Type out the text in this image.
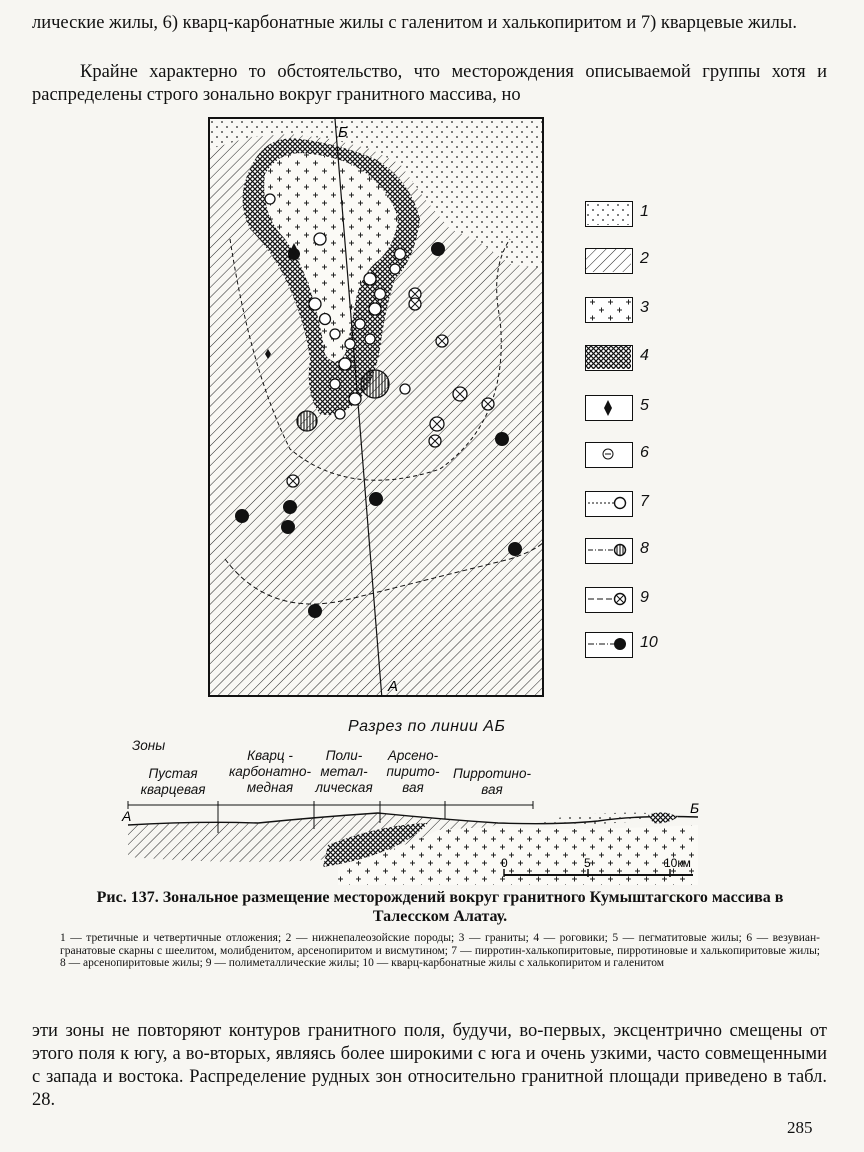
лические жилы, 6) кварц-карбонатные жилы с галенитом и халькопиритом и 7) кварцевые жилы.

Крайне характерно то обстоятельство, что месторождения описываемой группы хотя и распределены строго зонально вокруг гранитного массива, но

Б
А
1
2
3
4
5
6
7
8
9
10
Разрез по линии АБ
Зоны
Пустая кварцевая
Кварц - карбонатно- медная
Поли- метал- лическая
Арсено- пирито- вая
Пирротино- вая
А	Б
0	5	10км
Рис. 137. Зональное размещение месторождений вокруг гранитного Кумыштагского массива в Талесском Алатау.
1 — третичные и четвертичные отложения; 2 — нижнепалеозойские породы; 3 — граниты; 4 — роговики; 5 — пегматитовые жилы; 6 — везувиан-гранатовые скарны с шеелитом, молибденитом, арсенопиритом и висмутином; 7 — пирротин-халькопиритовые, пирротиновые и халькопиритовые жилы; 8 — арсенопиритовые жилы; 9 — полиметаллические жилы; 10 — кварц-карбонатные жилы с халькопиритом и галенитом

эти зоны не повторяют контуров гранитного поля, будучи, во-первых, эксцентрично смещены от этого поля к югу, а во-вторых, являясь более широкими с юга и очень узкими, часто совмещенными с запада и востока. Распределение рудных зон относительно гранитной площади приведено в табл. 28.

285
